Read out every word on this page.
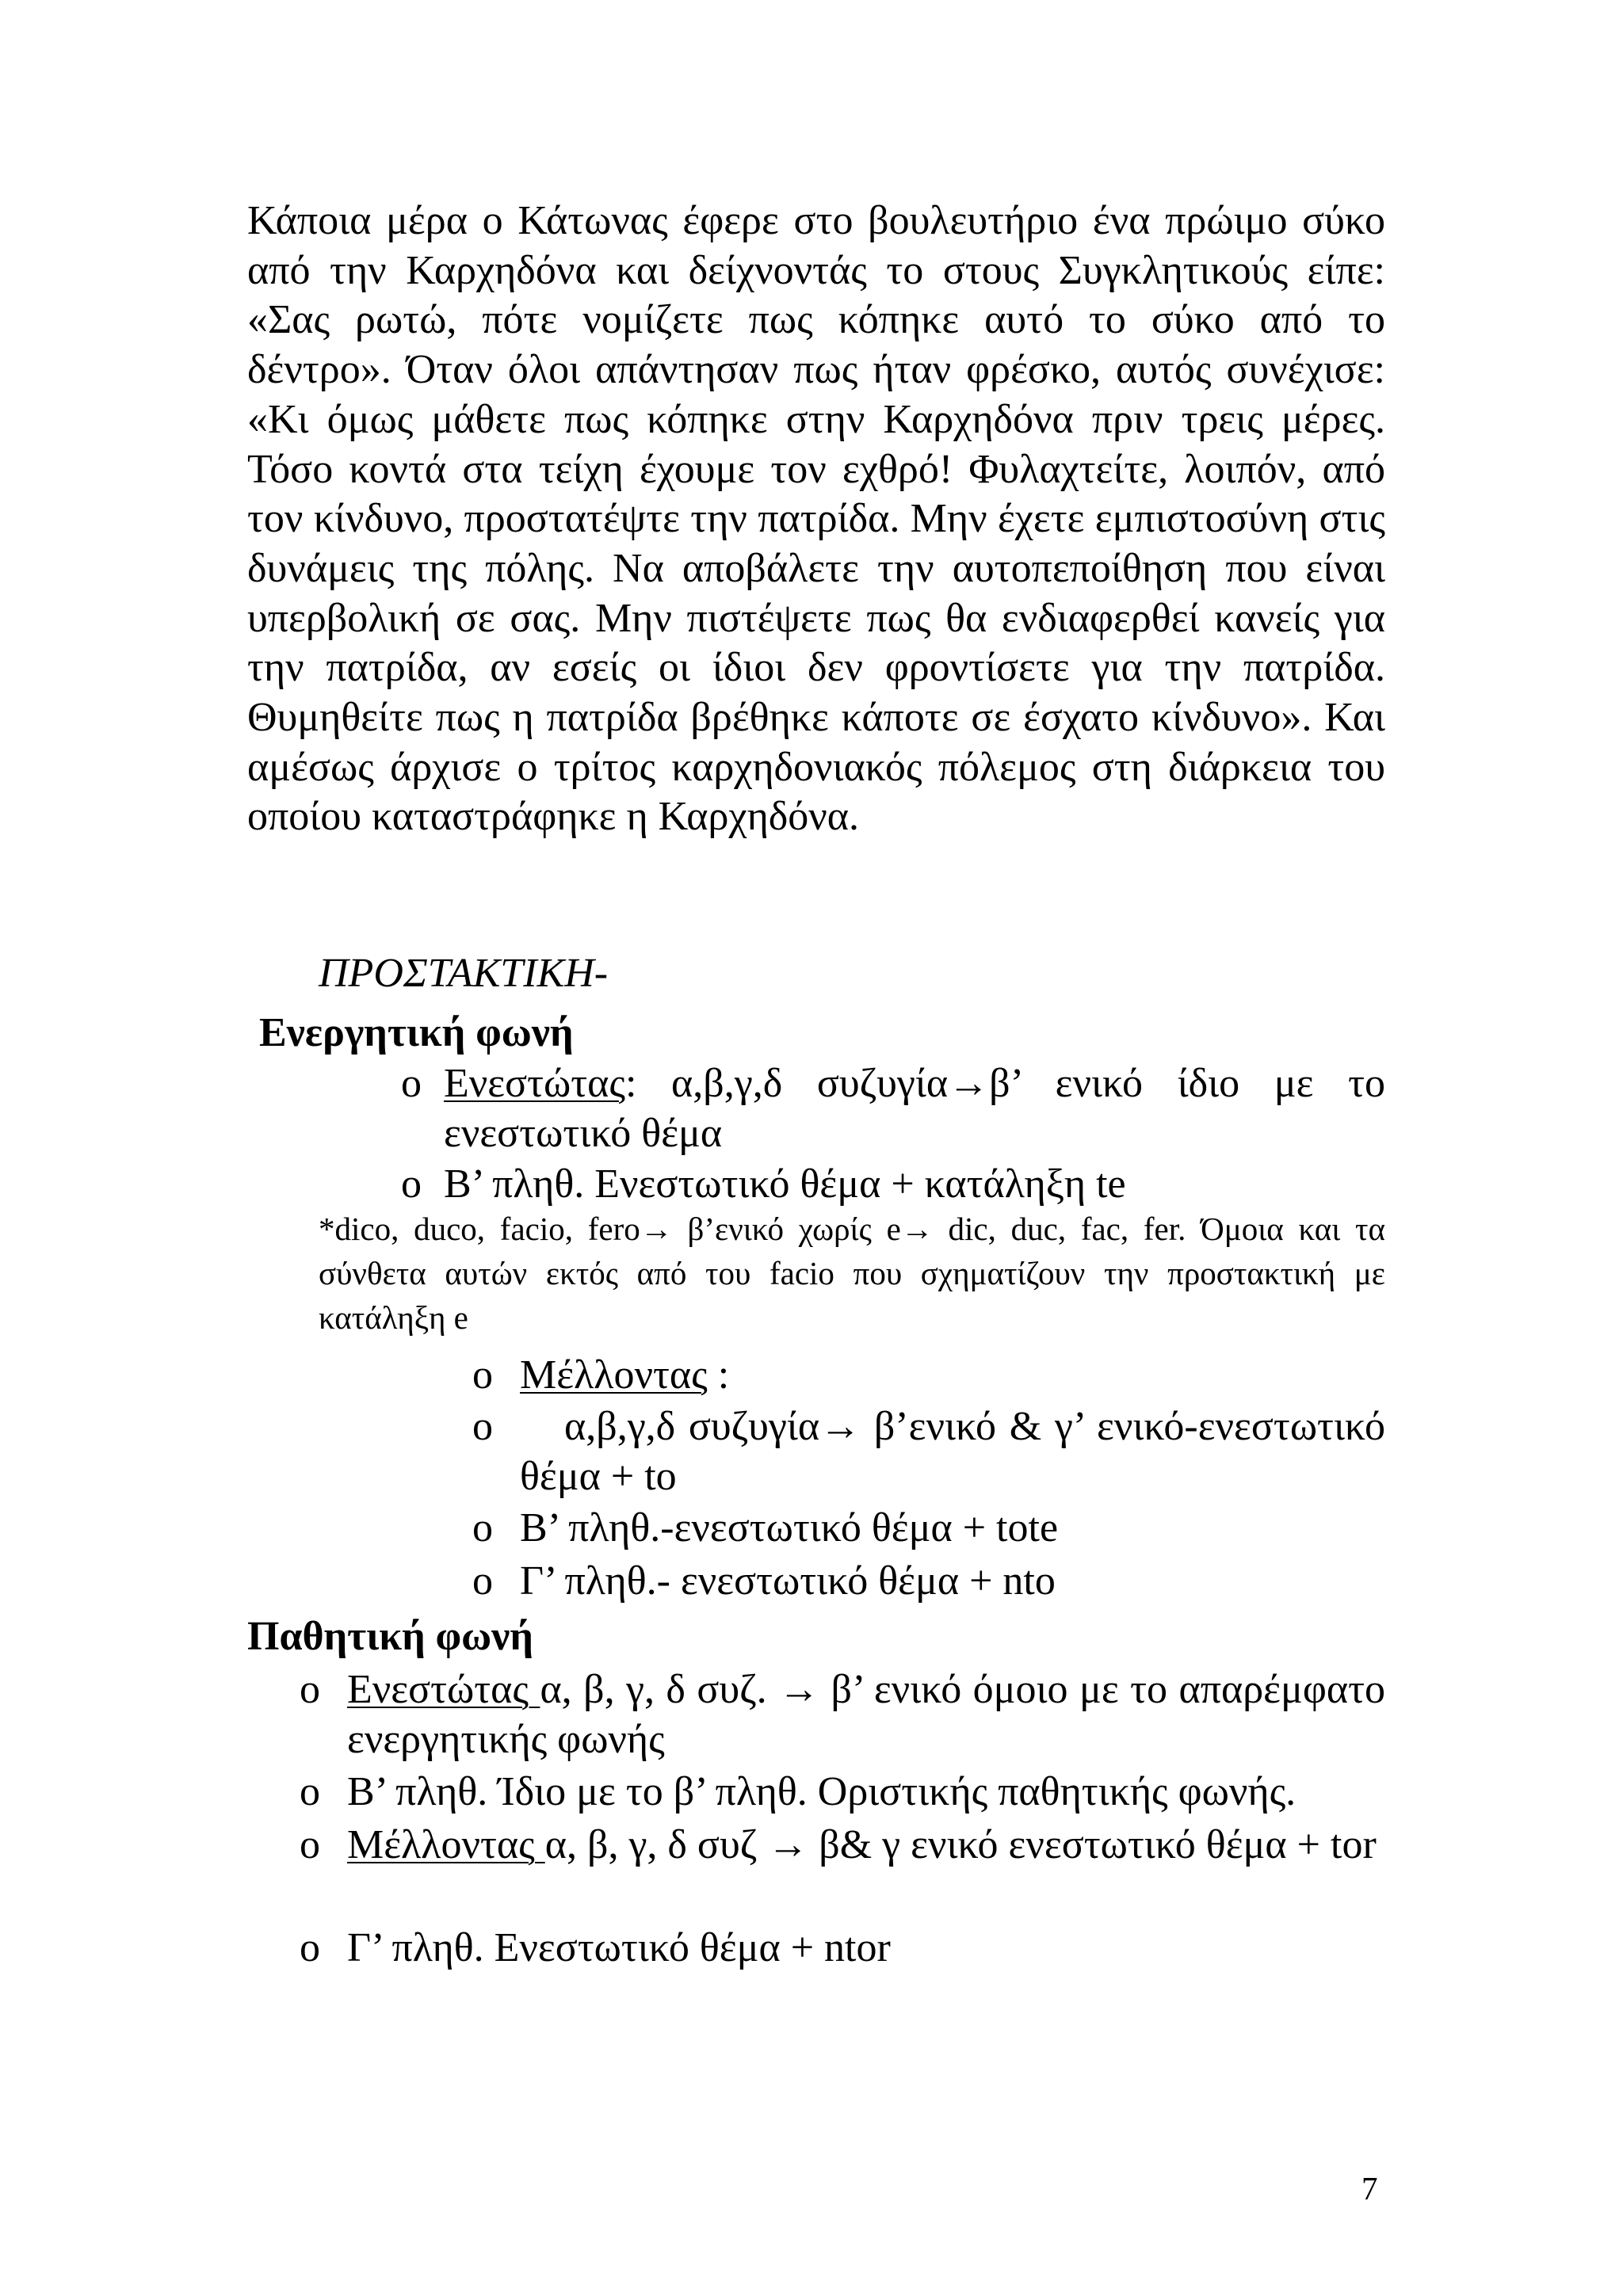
Κάποια μέρα ο Κάτωνας έφερε στο βουλευτήριο ένα πρώιμο σύκο από την Καρχηδόνα και δείχνοντάς το στους Συγκλητικούς είπε: «Σας ρωτώ, πότε νομίζετε πως κόπηκε αυτό το σύκο από το δέντρο». Όταν όλοι απάντησαν πως ήταν φρέσκο, αυτός συνέχισε: «Κι όμως μάθετε πως κόπηκε στην Καρχηδόνα πριν τρεις μέρες. Τόσο κοντά στα τείχη έχουμε τον εχθρό! Φυλαχτείτε, λοιπόν, από τον κίνδυνο, προστατέψτε την πατρίδα. Μην έχετε εμπιστοσύνη στις δυνάμεις της πόλης. Να αποβάλετε την αυτοπεποίθηση που είναι υπερβολική σε σας. Μην πιστέψετε πως θα ενδιαφερθεί κανείς για την πατρίδα, αν εσείς οι ίδιοι δεν φροντίσετε για την πατρίδα. Θυμηθείτε πως η πατρίδα βρέθηκε κάποτε σε έσχατο κίνδυνο». Και αμέσως άρχισε ο τρίτος καρχηδονιακός πόλεμος στη διάρκεια του οποίου καταστράφηκε η Καρχηδόνα.

ΠΡΟΣΤΑΚΤΙΚΗ-

Ενεργητική φωνή

o Ενεστώτας: α,β,γ,δ συζυγία→β’ ενικό ίδιο με το ενεστωτικό θέμα

o Β’ πληθ. Ενεστωτικό θέμα + κατάληξη te

*dico, duco, facio, fero→ β’ενικό χωρίς e→ dic, duc, fac, fer. Όμοια και τα σύνθετα αυτών εκτός από του facio που σχηματίζουν την προστακτική με κατάληξη e

o Μέλλοντας :

o	α,β,γ,δ συζυγία→ β’ενικό & γ’ ενικό-ενεστωτικό θέμα + to

o Β’ πληθ.-ενεστωτικό θέμα + tote

o Γ’ πληθ.- ενεστωτικό θέμα + nto

Παθητική φωνή

o Ενεστώτας α, β, γ, δ συζ. → β’ ενικό όμοιο με το απαρέμφατο ενεργητικής φωνής

o Β’ πληθ. Ίδιο με το β’ πληθ. Οριστικής παθητικής φωνής.

o Μέλλοντας α, β, γ, δ συζ → β& γ ενικό ενεστωτικό θέμα + tor

o Γ’ πληθ. Ενεστωτικό θέμα + ntor

7
